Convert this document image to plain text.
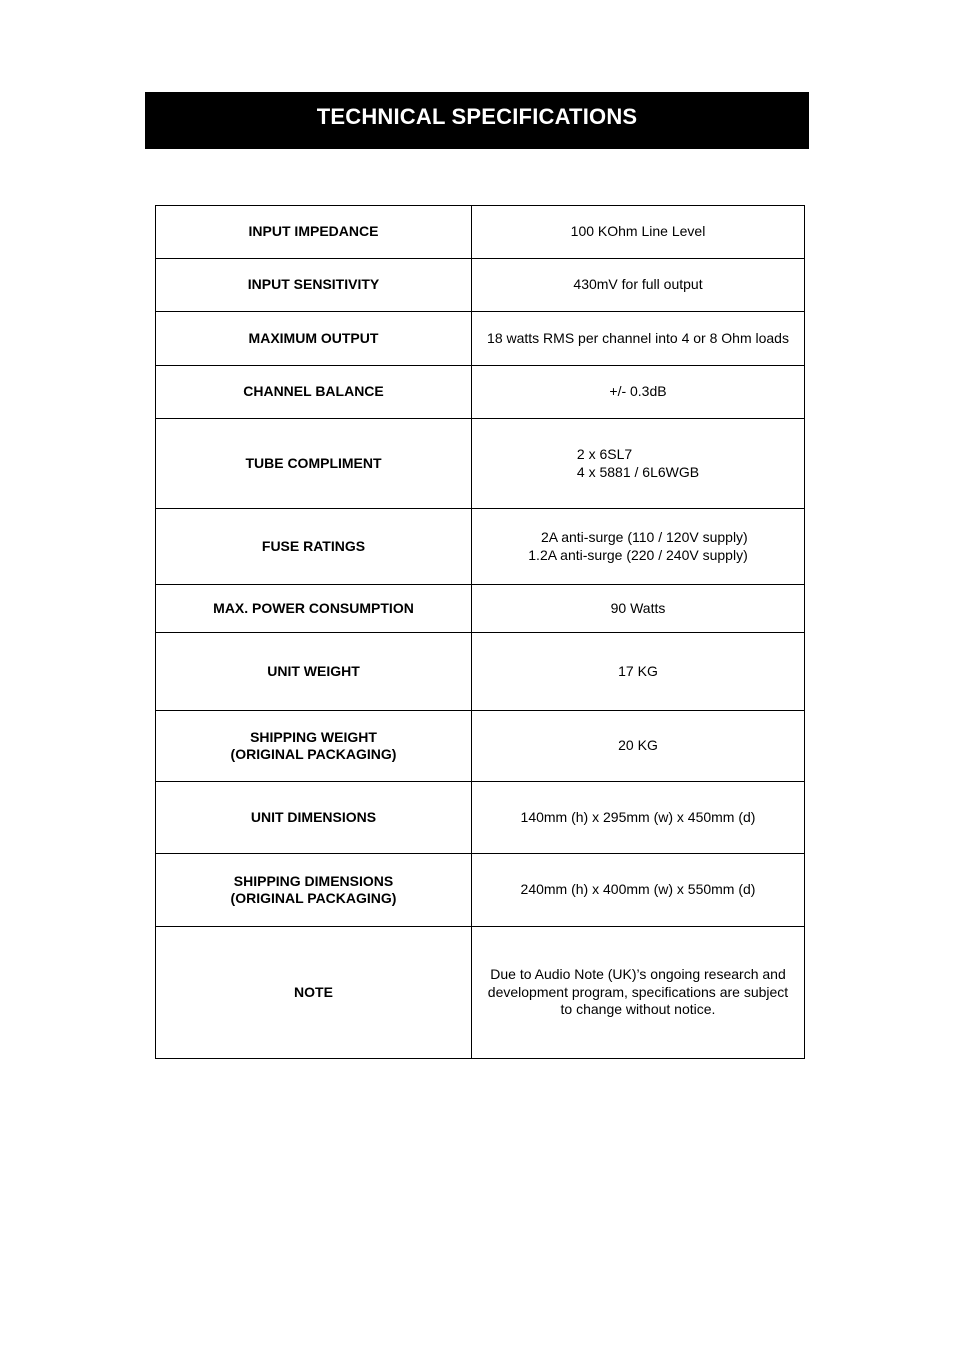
TECHNICAL SPECIFICATIONS
INPUT IMPEDANCE	100 KOhm Line Level

INPUT SENSITIVITY	430mV for full output

MAXIMUM OUTPUT	18 watts RMS per channel into 4 or 8 Ohm loads

CHANNEL BALANCE	+/- 0.3dB

TUBE COMPLIMENT	2 x 6SL7
4 x 5881 / 6L6WGB

FUSE RATINGS	2A anti-surge (110 / 120V supply)
1.2A anti-surge (220 / 240V supply)

MAX. POWER CONSUMPTION	90 Watts

UNIT WEIGHT	17 KG

SHIPPING WEIGHT
(ORIGINAL PACKAGING)	20 KG

UNIT DIMENSIONS	140mm (h) x 295mm (w) x 450mm (d)

SHIPPING DIMENSIONS
(ORIGINAL PACKAGING)	240mm (h) x 400mm (w) x 550mm (d)

NOTE	Due to Audio Note (UK)’s ongoing research and
development program, specifications are subject
to change without notice.
